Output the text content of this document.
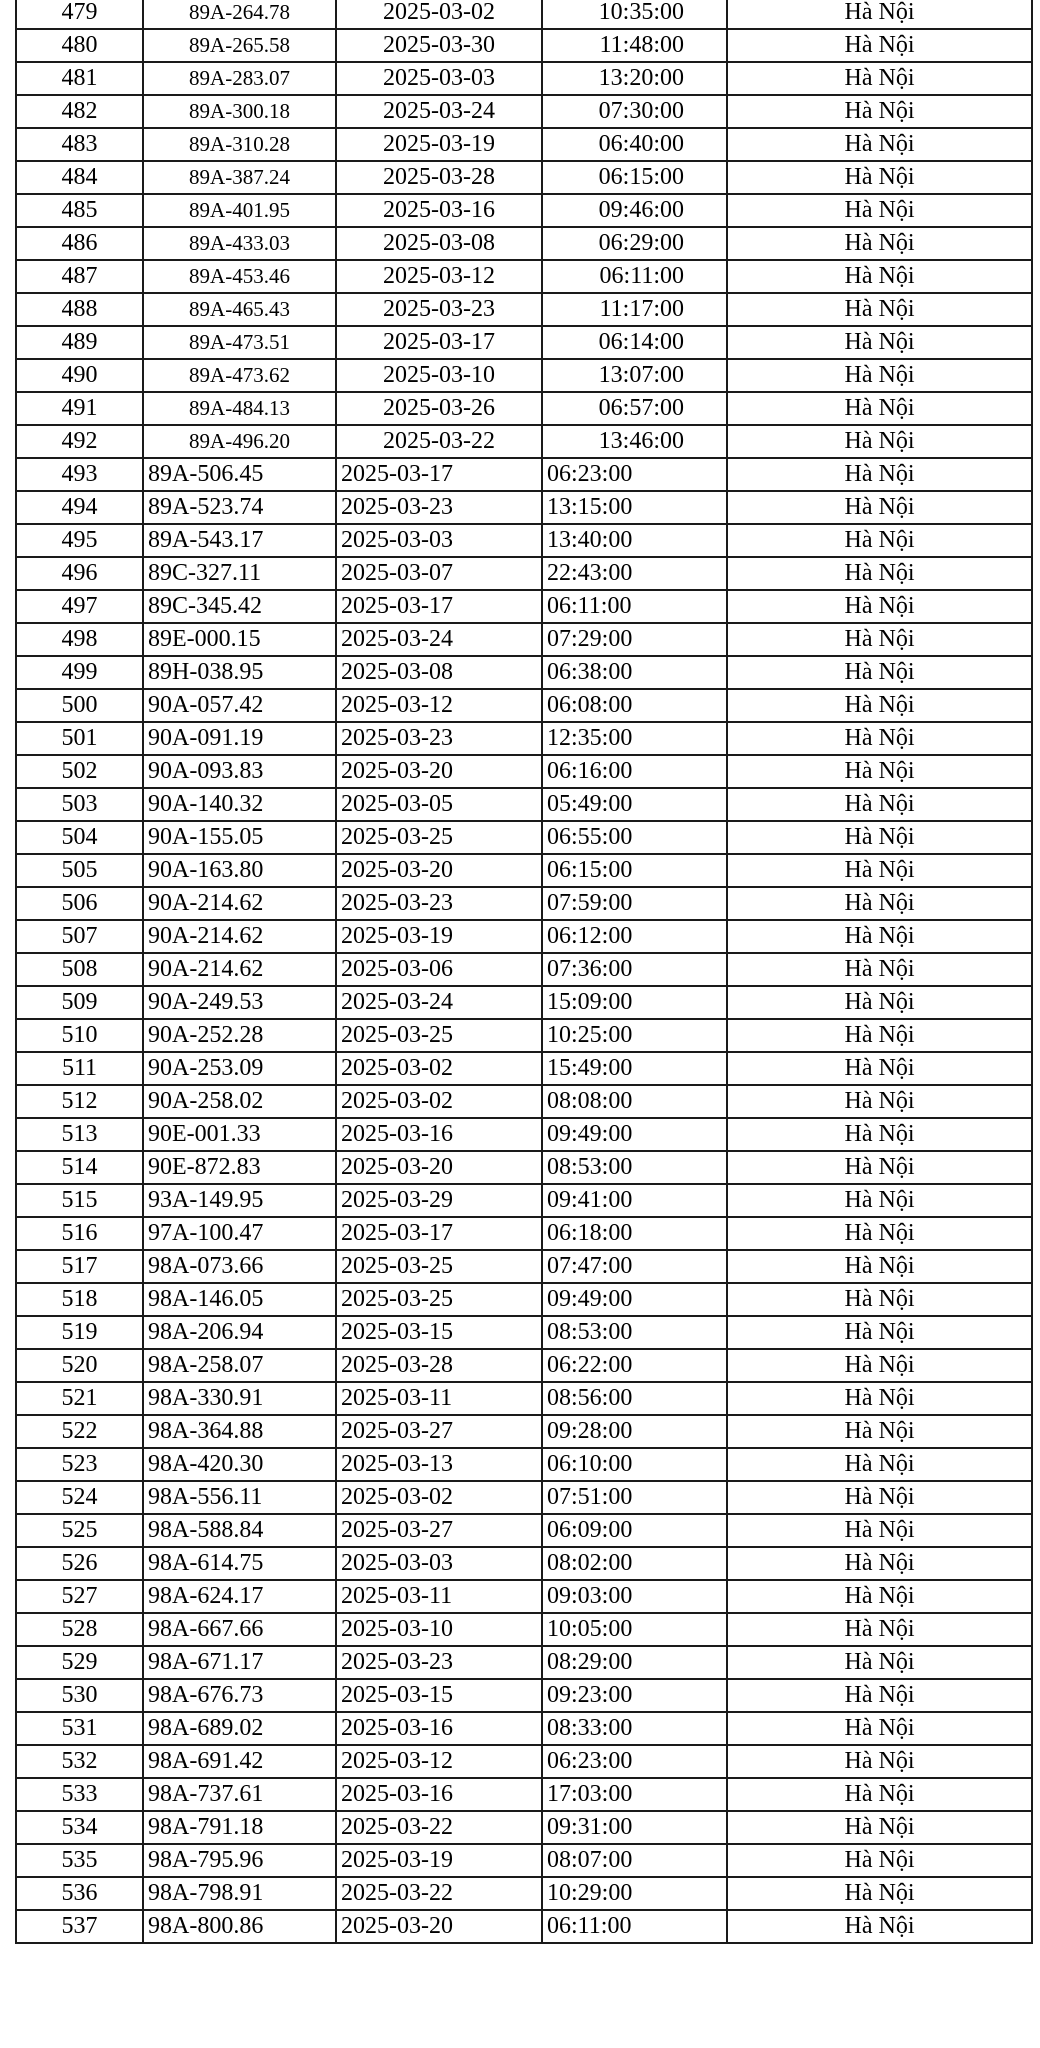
479	89A-264.78	2025-03-02	10:35:00	Hà Nội
480	89A-265.58	2025-03-30	11:48:00	Hà Nội
481	89A-283.07	2025-03-03	13:20:00	Hà Nội
482	89A-300.18	2025-03-24	07:30:00	Hà Nội
483	89A-310.28	2025-03-19	06:40:00	Hà Nội
484	89A-387.24	2025-03-28	06:15:00	Hà Nội
485	89A-401.95	2025-03-16	09:46:00	Hà Nội
486	89A-433.03	2025-03-08	06:29:00	Hà Nội
487	89A-453.46	2025-03-12	06:11:00	Hà Nội
488	89A-465.43	2025-03-23	11:17:00	Hà Nội
489	89A-473.51	2025-03-17	06:14:00	Hà Nội
490	89A-473.62	2025-03-10	13:07:00	Hà Nội
491	89A-484.13	2025-03-26	06:57:00	Hà Nội
492	89A-496.20	2025-03-22	13:46:00	Hà Nội
493	89A-506.45	2025-03-17	06:23:00	Hà Nội
494	89A-523.74	2025-03-23	13:15:00	Hà Nội
495	89A-543.17	2025-03-03	13:40:00	Hà Nội
496	89C-327.11	2025-03-07	22:43:00	Hà Nội
497	89C-345.42	2025-03-17	06:11:00	Hà Nội
498	89E-000.15	2025-03-24	07:29:00	Hà Nội
499	89H-038.95	2025-03-08	06:38:00	Hà Nội
500	90A-057.42	2025-03-12	06:08:00	Hà Nội
501	90A-091.19	2025-03-23	12:35:00	Hà Nội
502	90A-093.83	2025-03-20	06:16:00	Hà Nội
503	90A-140.32	2025-03-05	05:49:00	Hà Nội
504	90A-155.05	2025-03-25	06:55:00	Hà Nội
505	90A-163.80	2025-03-20	06:15:00	Hà Nội
506	90A-214.62	2025-03-23	07:59:00	Hà Nội
507	90A-214.62	2025-03-19	06:12:00	Hà Nội
508	90A-214.62	2025-03-06	07:36:00	Hà Nội
509	90A-249.53	2025-03-24	15:09:00	Hà Nội
510	90A-252.28	2025-03-25	10:25:00	Hà Nội
511	90A-253.09	2025-03-02	15:49:00	Hà Nội
512	90A-258.02	2025-03-02	08:08:00	Hà Nội
513	90E-001.33	2025-03-16	09:49:00	Hà Nội
514	90E-872.83	2025-03-20	08:53:00	Hà Nội
515	93A-149.95	2025-03-29	09:41:00	Hà Nội
516	97A-100.47	2025-03-17	06:18:00	Hà Nội
517	98A-073.66	2025-03-25	07:47:00	Hà Nội
518	98A-146.05	2025-03-25	09:49:00	Hà Nội
519	98A-206.94	2025-03-15	08:53:00	Hà Nội
520	98A-258.07	2025-03-28	06:22:00	Hà Nội
521	98A-330.91	2025-03-11	08:56:00	Hà Nội
522	98A-364.88	2025-03-27	09:28:00	Hà Nội
523	98A-420.30	2025-03-13	06:10:00	Hà Nội
524	98A-556.11	2025-03-02	07:51:00	Hà Nội
525	98A-588.84	2025-03-27	06:09:00	Hà Nội
526	98A-614.75	2025-03-03	08:02:00	Hà Nội
527	98A-624.17	2025-03-11	09:03:00	Hà Nội
528	98A-667.66	2025-03-10	10:05:00	Hà Nội
529	98A-671.17	2025-03-23	08:29:00	Hà Nội
530	98A-676.73	2025-03-15	09:23:00	Hà Nội
531	98A-689.02	2025-03-16	08:33:00	Hà Nội
532	98A-691.42	2025-03-12	06:23:00	Hà Nội
533	98A-737.61	2025-03-16	17:03:00	Hà Nội
534	98A-791.18	2025-03-22	09:31:00	Hà Nội
535	98A-795.96	2025-03-19	08:07:00	Hà Nội
536	98A-798.91	2025-03-22	10:29:00	Hà Nội
537	98A-800.86	2025-03-20	06:11:00	Hà Nội
